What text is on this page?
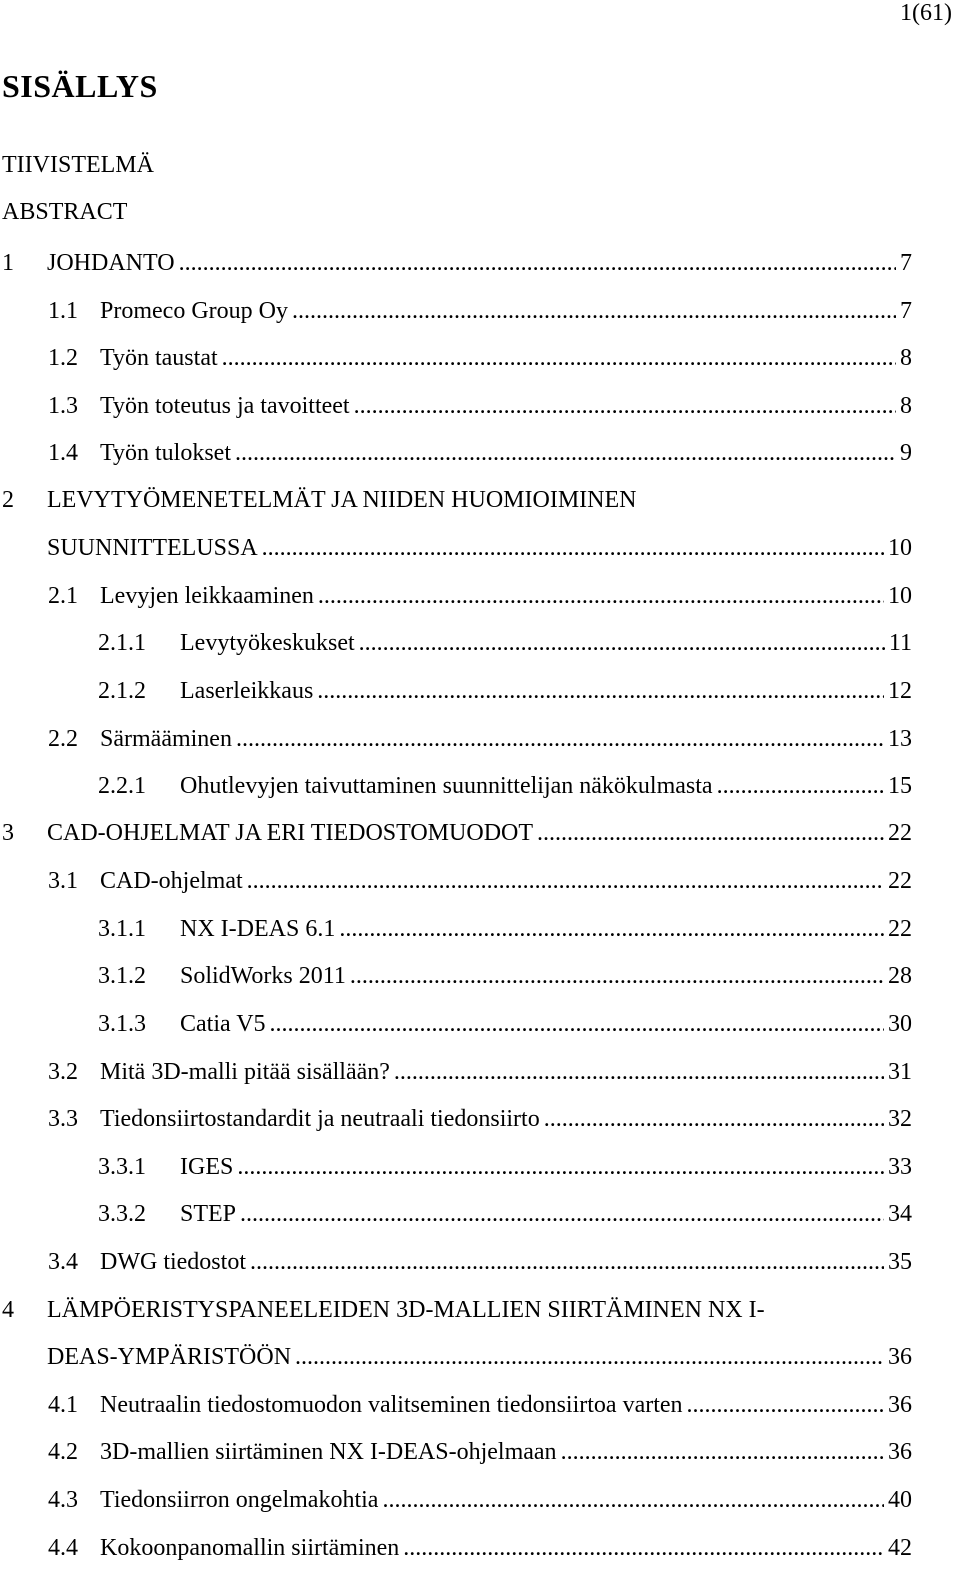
1(61)
SISÄLLYS
TIIVISTELMÄ
ABSTRACT
1	JOHDANTO .....	7
1.1 Promeco Group Oy .....	7
1.2 Työn taustat .....	8
1.3 Työn toteutus ja tavoitteet .....	8
1.4 Työn tulokset .....	9
2	LEVYTYÖMENETELMÄT JA NIIDEN HUOMIOIMINEN
SUUNNITTELUSSA .....	10
2.1 Levyjen leikkaaminen .....	10
2.1.1	Levytyökeskukset .....	11
2.1.2	Laserleikkaus .....	12
2.2 Särmääminen .....	13
2.2.1	Ohutlevyjen taivuttaminen suunnittelijan näkökulmasta .....	15
3	CAD-OHJELMAT JA ERI TIEDOSTOMUODOT .....	22
3.1 CAD-ohjelmat .....	22
3.1.1	NX I-DEAS 6.1 .....	22
3.1.2	SolidWorks 2011 .....	28
3.1.3	Catia V5 .....	30
3.2 Mitä 3D-malli pitää sisällään? .....	31
3.3 Tiedonsiirtostandardit ja neutraali tiedonsiirto .....	32
3.3.1	IGES .....	33
3.3.2	STEP .....	34
3.4 DWG tiedostot .....	35
4	LÄMPÖERISTYSPANEELEIDEN 3D-MALLIEN SIIRTÄMINEN NX I-
DEAS-YMPÄRISTÖÖN .....	36
4.1 Neutraalin tiedostomuodon valitseminen tiedonsiirtoa varten .....	36
4.2 3D-mallien siirtäminen NX I-DEAS-ohjelmaan .....	36
4.3 Tiedonsiirron ongelmakohtia .....	40
4.4 Kokoonpanomallin siirtäminen .....	42
